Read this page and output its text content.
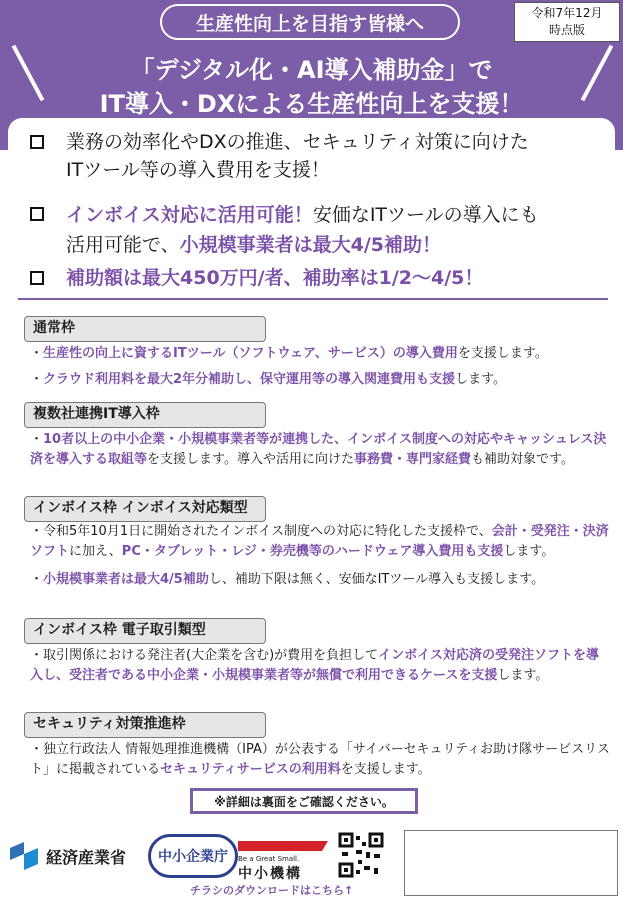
生産性向上を目指す皆様へ	令和7年12月
時点版
「デジタル化・AI導入補助金」で
IT導入・DXによる生産性向上を支援！
業務の効率化やDXの推進、セキュリティ対策に向けた
ITツール等の導入費用を支援！
インボイス対応に活用可能！安価なITツールの導入にも
活用可能で、小規模事業者は最大4/5補助！
補助額は最大450万円/者、補助率は1/2～4/5！
通常枠
・生産性の向上に資するITツール（ソフトウェア、サービス）の導入費用を支援します。
・クラウド利用料を最大2年分補助し、保守運用等の導入関連費用も支援します。
複数社連携IT導入枠
・10者以上の中小企業・小規模事業者等が連携した、インボイス制度への対応やキャッシュレス決済を導入する取組等を支援します。導入や活用に向けた事務費・専門家経費も補助対象です。
インボイス枠 インボイス対応類型
・令和5年10月1日に開始されたインボイス制度への対応に特化した支援枠で、会計・受発注・決済ソフトに加え、PC・タブレット・レジ・券売機等のハードウェア導入費用も支援します。
・小規模事業者は最大4/5補助し、補助下限は無く、安価なITツール導入も支援します。
インボイス枠 電子取引類型
・取引関係における発注者(大企業を含む)が費用を負担してインボイス対応済の受発注ソフトを導入し、受注者である中小企業・小規模事業者等が無償で利用できるケースを支援します。
セキュリティ対策推進枠
・独立行政法人 情報処理推進機構（IPA）が公表する「サイバーセキュリティお助け隊サービスリスト」に掲載されているセキュリティサービスの利用料を支援します。
※詳細は裏面をご確認ください。
経済産業省 中小企業庁 Be a Great Small.
中小機構
チラシのダウンロードはこちら↑
